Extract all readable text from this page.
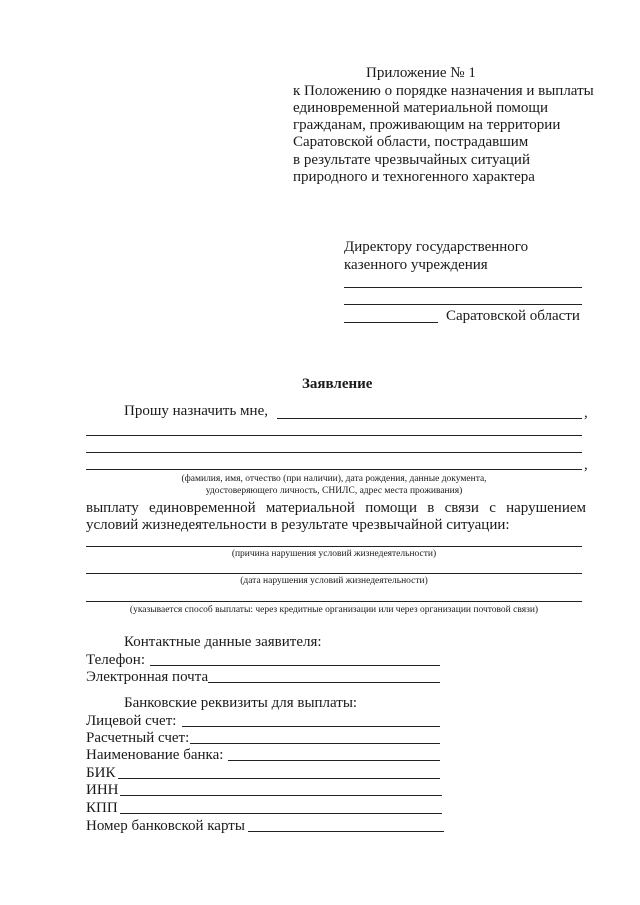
Приложение № 1
к Положению о порядке назначения и выплаты
единовременной материальной помощи
гражданам, проживающим на территории
Саратовской области, пострадавшим
в результате чрезвычайных ситуаций
природного и техногенного характера
Директору государственного
казенного учреждения
Саратовской области
Заявление
Прошу назначить мне,	,
,
(фамилия, имя, отчество (при наличии), дата рождения, данные документа,
удостоверяющего личность, СНИЛС, адрес места проживания)
выплату единовременной материальной помощи в связи с нарушением
условий жизнедеятельности в результате чрезвычайной ситуации:
(причина нарушения условий жизнедеятельности)
(дата нарушения условий жизнедеятельности)
(указывается способ выплаты: через кредитные организации или через организации почтовой связи)
Контактные данные заявителя:
Телефон:
Электронная почта
Банковские реквизиты для выплаты:
Лицевой счет:
Расчетный счет:
Наименование банка:
БИК
ИНН
КПП
Номер банковской карты
